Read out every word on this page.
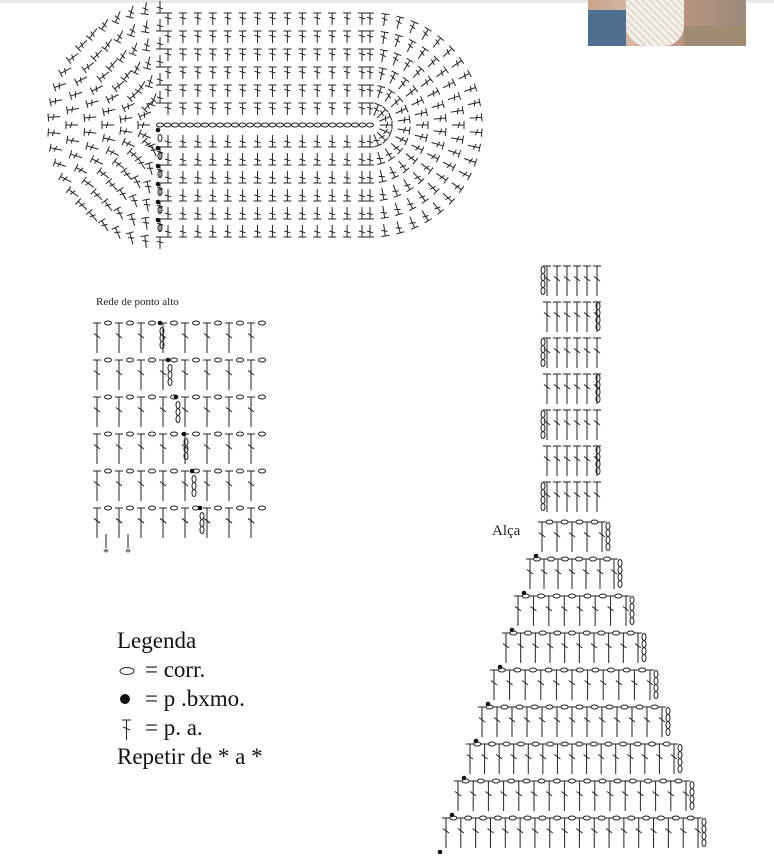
* *
Rede de ponto alto
Alça
Legenda
= corr.
= p .bxmo.
= p. a.
Repetir de * a *
